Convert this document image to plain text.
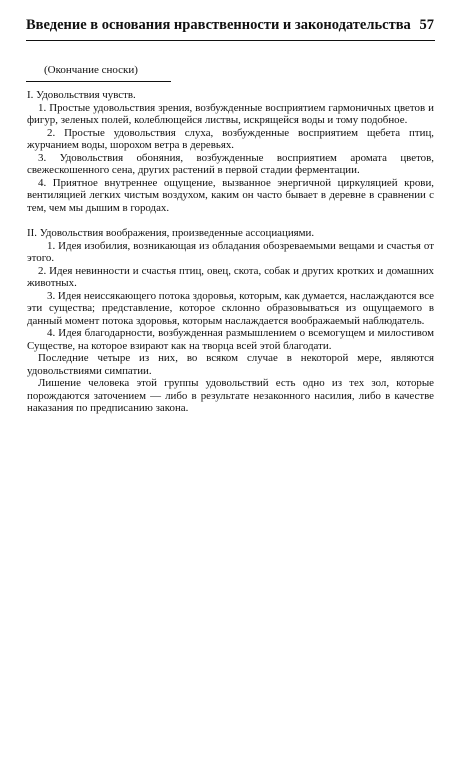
Введение в основания нравственности и законодательства 57
(Окончание сноски)

I. Удовольствия чувств.

1. Простые удовольствия зрения, возбужденные восприятием гармоничных цветов и фигур, зеленых полей, колеблющейся листвы, искрящейся воды и тому подобное.

2. Простые удовольствия слуха, возбужденные восприятием щебета птиц, журчанием воды, шорохом ветра в деревьях.

3. Удовольствия обоняния, возбужденные восприятием аромата цветов, свежескошенного сена, других растений в первой стадии ферментации.

4. Приятное внутреннее ощущение, вызванное энергичной циркуляцией крови, вентиляцией легких чистым воздухом, каким он часто бывает в деревне в сравнении с тем, чем мы дышим в городах.

II. Удовольствия воображения, произведенные ассоциациями.

1. Идея изобилия, возникающая из обладания обозреваемыми вещами и счастья от этого.

2. Идея невинности и счастья птиц, овец, скота, собак и других кротких и домашних животных.

3. Идея неиссякающего потока здоровья, которым, как думается, наслаждаются все эти существа; представление, которое склонно образовываться из ощущаемого в данный момент потока здоровья, которым наслаждается воображаемый наблюдатель.

4. Идея благодарности, возбужденная размышлением о всемогущем и милостивом Существе, на которое взирают как на творца всей этой благодати.

Последние четыре из них, во всяком случае в некоторой мере, являются удовольствиями симпатии.

Лишение человека этой группы удовольствий есть одно из тех зол, которые порождаются заточением — либо в результате незаконного насилия, либо в качестве наказания по предписанию закона.
